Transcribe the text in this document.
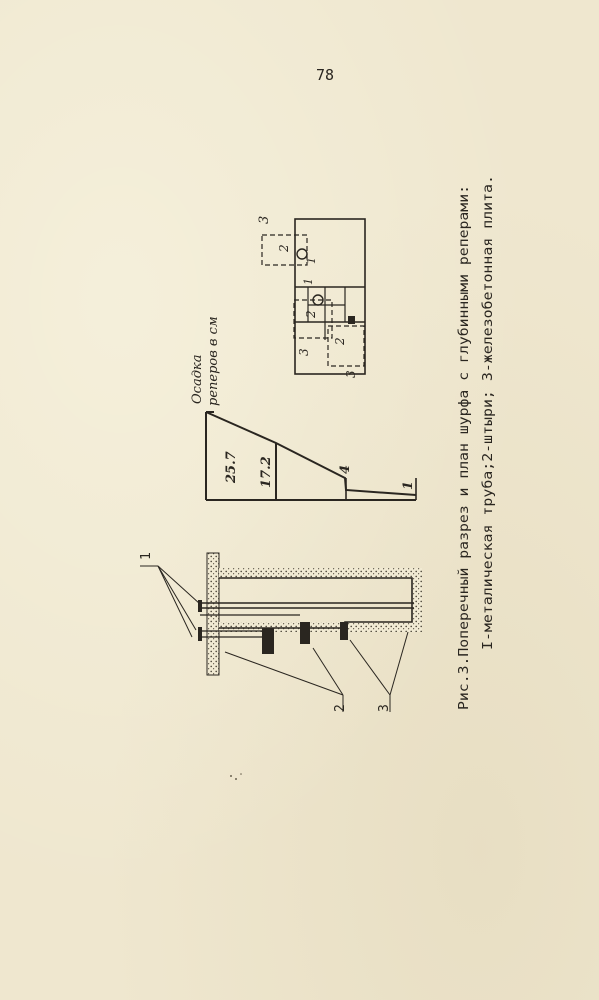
78
Рис.3.Поперечный разрез и план шурфа с глубинными реперами: I-металическая труба;2-штыри; 3-железобетонная плита.
1
2 3
Осадка реперов в см
25.7 17.2	4
1
3
2
1
1
2
3
2
3
